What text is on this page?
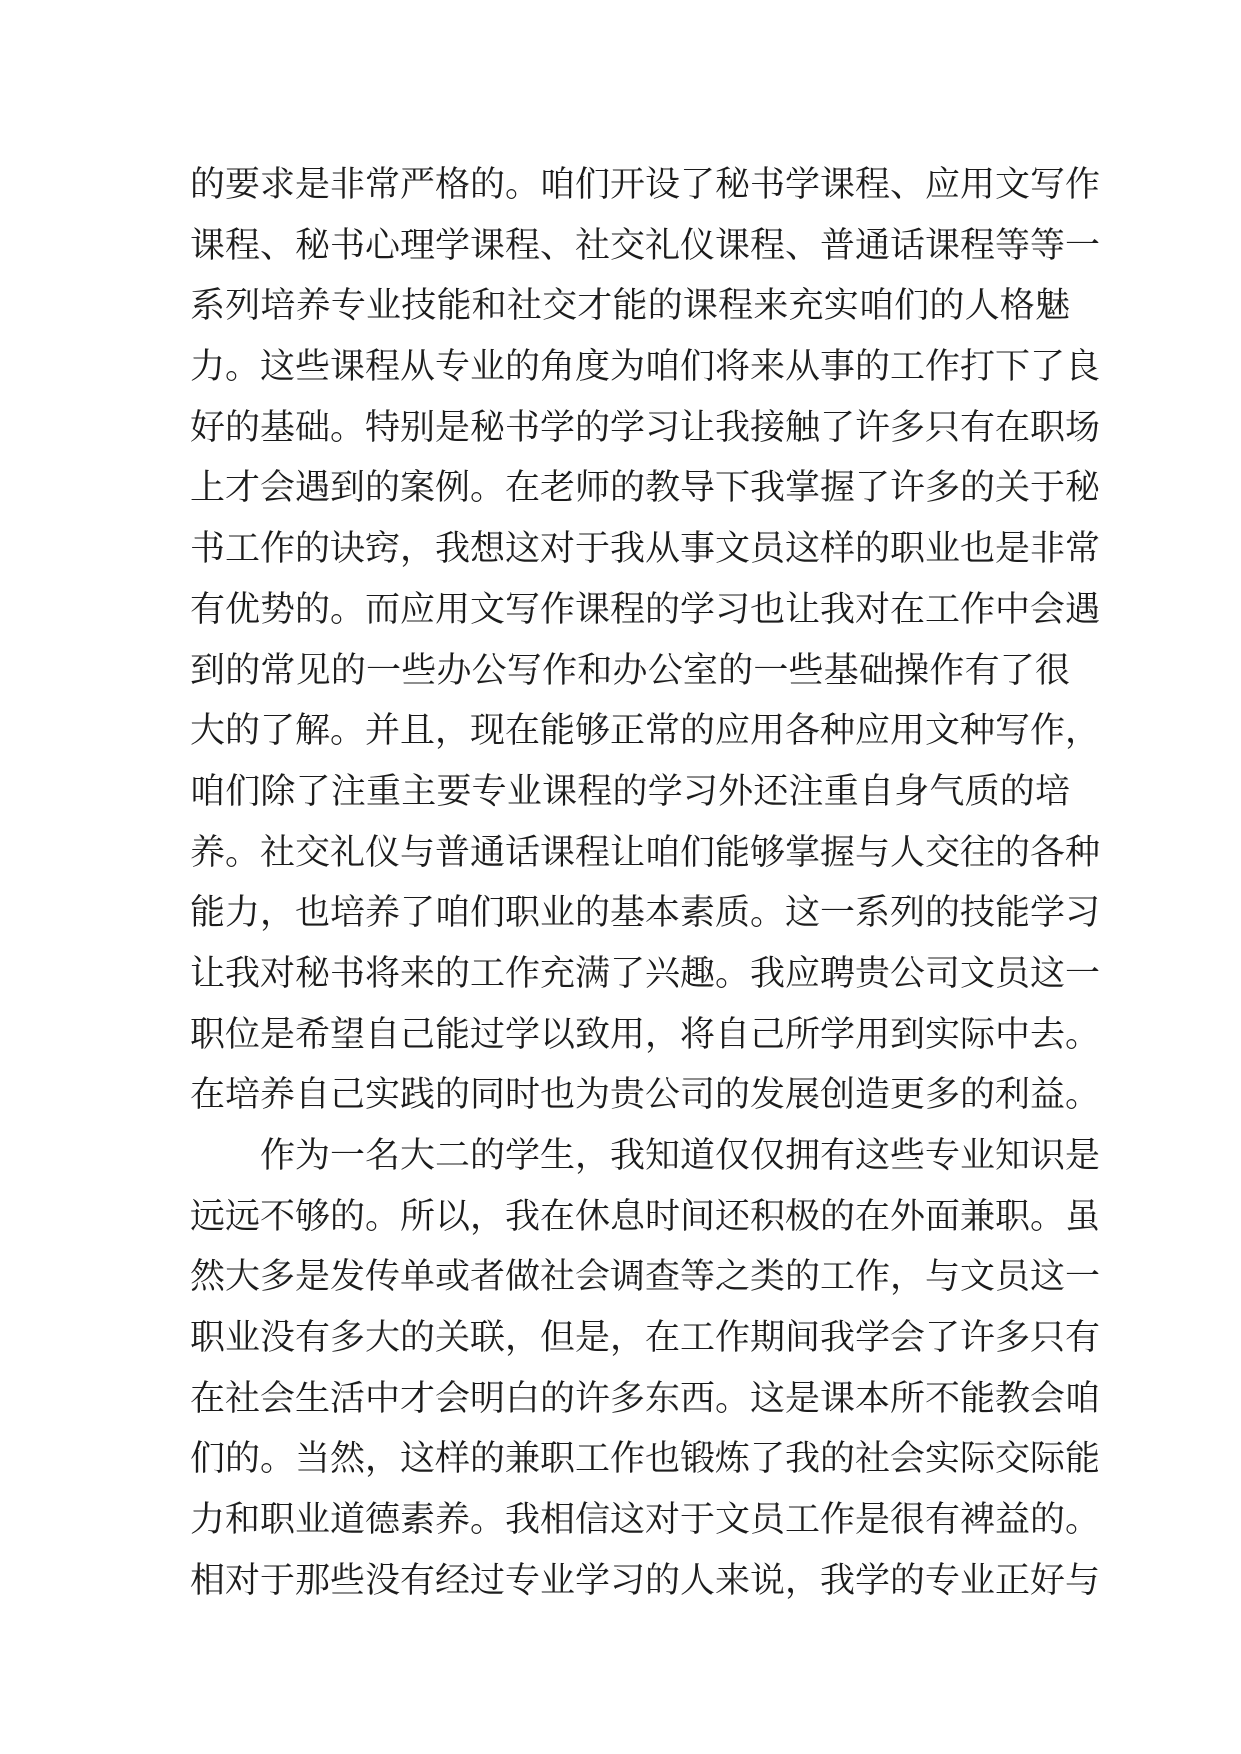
的要求是非常严格的。咱们开设了秘书学课程、应用文写作
课程、秘书心理学课程、社交礼仪课程、普通话课程等等一
系列培养专业技能和社交才能的课程来充实咱们的人格魅
力。这些课程从专业的角度为咱们将来从事的工作打下了良
好的基础。特别是秘书学的学习让我接触了许多只有在职场
上才会遇到的案例。在老师的教导下我掌握了许多的关于秘
书工作的诀窍，我想这对于我从事文员这样的职业也是非常
有优势的。而应用文写作课程的学习也让我对在工作中会遇
到的常见的一些办公写作和办公室的一些基础操作有了很
大的了解。并且，现在能够正常的应用各种应用文种写作，
咱们除了注重主要专业课程的学习外还注重自身气质的培
养。社交礼仪与普通话课程让咱们能够掌握与人交往的各种
能力，也培养了咱们职业的基本素质。这一系列的技能学习
让我对秘书将来的工作充满了兴趣。我应聘贵公司文员这一
职位是希望自己能过学以致用，将自己所学用到实际中去。
在培养自己实践的同时也为贵公司的发展创造更多的利益。
作为一名大二的学生，我知道仅仅拥有这些专业知识是
远远不够的。所以，我在休息时间还积极的在外面兼职。虽
然大多是发传单或者做社会调查等之类的工作，与文员这一
职业没有多大的关联，但是，在工作期间我学会了许多只有
在社会生活中才会明白的许多东西。这是课本所不能教会咱
们的。当然，这样的兼职工作也锻炼了我的社会实际交际能
力和职业道德素养。我相信这对于文员工作是很有裨益的。
相对于那些没有经过专业学习的人来说，我学的专业正好与
